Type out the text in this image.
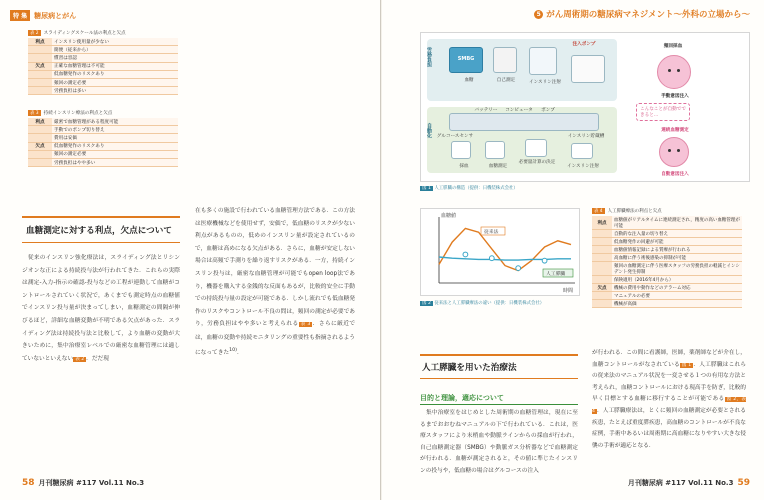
特 集	糖尿病とがん
表 2	スライディングスケール法の利点と欠点
利点	インスリン使用量が少ない
	簡便（従来から）
	慣習は容認
欠点	正確な血糖管理は不可能
	低血糖発作のリスクあり
	頻回の測定必要
	労務負担は多い
表 3	持続インスリン療法の利点と欠点
利点	厳密で血糖管理がある程度可能
	手動でのポンプ切り替え
	費用は安価
欠点	低血糖発作のリスクあり
	頻回の測定必要
	労務負担はやや多い
血糖測定に対する利点，欠点について
従来のインスリン強化療法は，スライディング法とリシンジオンな正による持続投与法が行われてきた．これらの実際は測定-入力-指示の確認-投与などの工程が連動して血糖がコントロールされていく状況で，あくまでも測定時点の血糖値でインスリン投与量が決まってしまい，血糖測定の間隔が伸びるほど，詳細な血糖変動が不明である欠点があった．スライディング法は持続投与法と比較して，より血糖の変動が大きいために，集中治療室レベルでの厳密な血糖管理には適していないといえない 表 2 ．だだ現
在も多くの施設で行われている血糖管理方法である．この方法は医療機械などを使用せず，安価で，低血糖のリスクが少ない利点があるものの，低めのインスリン量が設定されているので，血糖は高めになる欠点がある．さらに，血糖が安定しない場合は高頻で手測りを繰り返すリスクがある．一方，持続インスリン投与は，厳密な血糖管理が可能でもopen loop法であり，機器を購入する金銭的な反面もあるが，比較的安全に手動での持続投与量の設定が可能である．しかし流れでも低血糖発作のリスクやコントロール不良の問は，頻回の測定が必要であり，労務負担はやや多いと考えられる 表 3 ．さらに厳近では，血糖の変動や持続モニタリングの重要性も指摘されるようになってきた$^{10)}$．
58 月刊糖尿病 #117 Vol.11 No.3
5 がん周術期の糖尿病マネジメント～外科の立場から～
労務負担
自動化
SMBG
血糖	自己測定	インスリン注射
注入ポンプ
バッテリー	コンピュータ	ポンプ
インスリン貯蔵槽
グルコースセンサ
採血	血糖測定
必要量計算の決定
インスリン注射
頻回採血
手動意図注入
こんなことが自動でできると…
連続血糖測定
自動意図注入
図 1 人工膵臓の構造（提供：日機装株式会社）
血糖値
時間
従来法
人工膵臓
図 2 従来法と人工膵臓療法の違い（提供：日機装株式会社）
表 4	人工膵臓療法の利点と欠点
利点	血糖値がリアルタイムに連続測定され，精度の高い血糖管理が可能
	自動的な注入量の切り替え
	低血糖発作の回避が可能
	血糖値情報記録による質療が行われる
	高血糖に伴う術後感染の抑制が可能
	頻回の血糖測定に伴う医療スタッフの労務負担の軽減とインシデント発生抑制
	保険適用（2016年4月から）
欠点	機械の費用や動作などのアラーム対応
	マニュアルの必要
	機械が高価
人工膵臓を用いた治療法
目的と理論，適応について
集中治療室をはじめとした周術期の血糖管理は，現在に至るまでおおむねマニュアルの下で行われている．これは，医療スタッフにより末梢血や動脈ラインからの採血が行われ，自己血糖測定器（SMBG）や動脈ガス分析器などで血糖測定が行われる．血糖が測定されると，その値に準じたインスリンの投与や，低血糖の場合はグルコースの注入
が行われる．この間に看護師，医師，薬剤師などが介在し，血糖コントロールがなされている 図 1 ．人工膵臓はこれらの従来法のマニュアル状況を一変させる１つの有用な方法と考えられ，血糖コントロールにおける現高手を防ぎ，比較的早く目標とする血糖に移行することが可能である 図 2，表 4 ．人工膵臓療法は，とくに頻回の血糖測定が必要とされる疾患，たとえば重度膵疾患，高血糖のコントロールが不良な症例，手術中あるいは周術期に高血糖になりやすい大きな侵襲の手術が適応となる．
月刊糖尿病 #117 Vol.11 No.3 59
